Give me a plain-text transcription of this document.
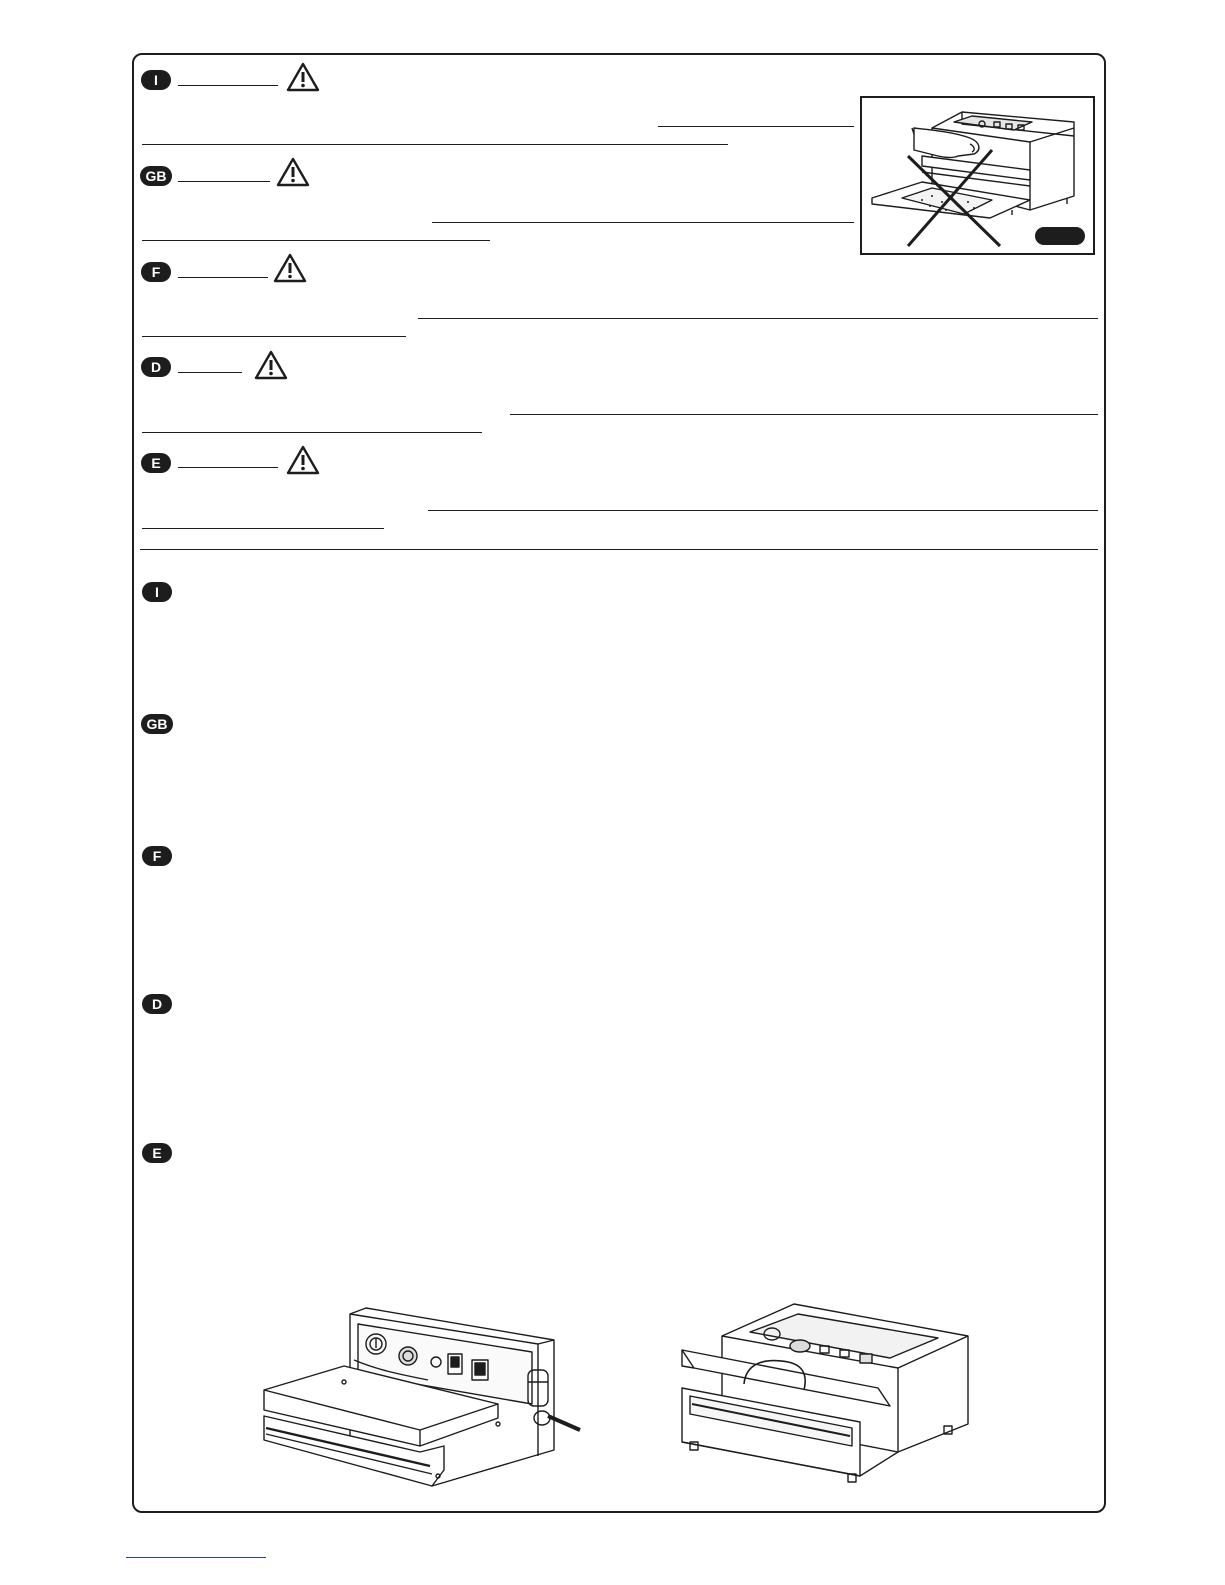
I
GB
F
D
E
I
GB
F
D
E
